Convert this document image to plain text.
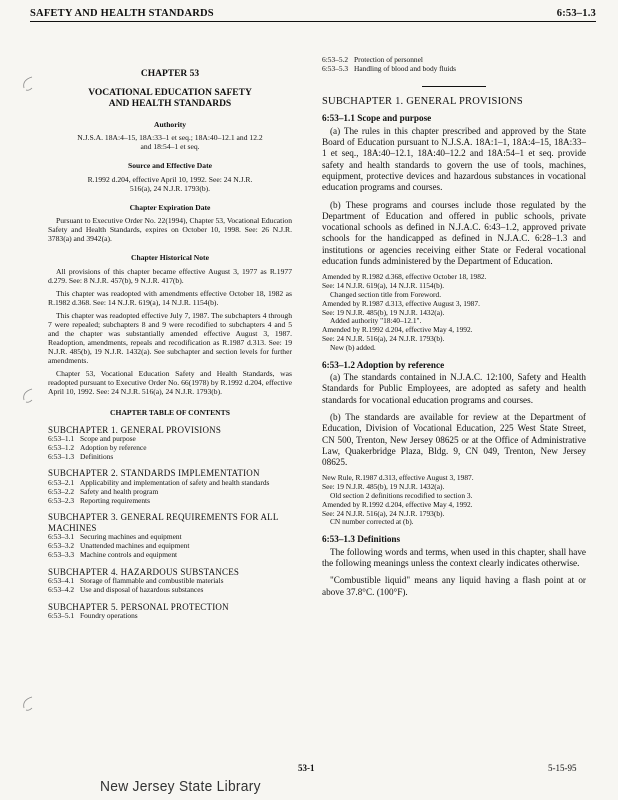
SAFETY AND HEALTH STANDARDS	6:53–1.3
CHAPTER 53
VOCATIONAL EDUCATION SAFETY
AND HEALTH STANDARDS
Authority
N.J.S.A. 18A:4–15, 18A:33–1 et seq.; 18A:40–12.1 and 12.2 and 18:54–1 et seq.
Source and Effective Date
R.1992 d.204, effective April 10, 1992. See: 24 N.J.R. 516(a), 24 N.J.R. 1793(b).
Chapter Expiration Date
Pursuant to Executive Order No. 22(1994), Chapter 53, Vocational Education Safety and Health Standards, expires on October 10, 1998. See: 26 N.J.R. 3783(a) and 3942(a).
Chapter Historical Note
All provisions of this chapter became effective August 3, 1977 as R.1977 d.279. See: 8 N.J.R. 457(b), 9 N.J.R. 417(b).
This chapter was readopted with amendments effective October 18, 1982 as R.1982 d.368. See: 14 N.J.R. 619(a), 14 N.J.R. 1154(b).
This chapter was readopted effective July 7, 1987. The subchapters 4 through 7 were repealed; subchapters 8 and 9 were recodified to subchapters 4 and 5 and the chapter was substantially amended effective August 3, 1987. Readoption, amendments, repeals and recodification as R.1987 d.313. See: 19 N.J.R. 485(b), 19 N.J.R. 1432(a). See subchapter and section levels for further amendments.
Chapter 53, Vocational Education Safety and Health Standards, was readopted pursuant to Executive Order No. 66(1978) by R.1992 d.204, effective April 10, 1992. See: 24 N.J.R. 516(a), 24 N.J.R. 1793(b).
CHAPTER TABLE OF CONTENTS
SUBCHAPTER 1. GENERAL PROVISIONS
6:53–1.1 Scope and purpose
6:53–1.2 Adoption by reference
6:53–1.3 Definitions
SUBCHAPTER 2. STANDARDS IMPLEMENTATION
6:53–2.1 Applicability and implementation of safety and health standards
6:53–2.2 Safety and health program
6:53–2.3 Reporting requirements
SUBCHAPTER 3. GENERAL REQUIREMENTS FOR ALL MACHINES
6:53–3.1 Securing machines and equipment
6:53–3.2 Unattended machines and equipment
6:53–3.3 Machine controls and equipment
SUBCHAPTER 4. HAZARDOUS SUBSTANCES
6:53–4.1 Storage of flammable and combustible materials
6:53–4.2 Use and disposal of hazardous substances
SUBCHAPTER 5. PERSONAL PROTECTION
6:53–5.1 Foundry operations
6:53–5.2 Protection of personnel
6:53–5.3 Handling of blood and body fluids
SUBCHAPTER 1. GENERAL PROVISIONS
6:53–1.1 Scope and purpose
(a) The rules in this chapter prescribed and approved by the State Board of Education pursuant to N.J.S.A. 18A:1–1, 18A:4–15, 18A:33–1 et seq., 18A:40–12.1, 18A:40–12.2 and 18A:54–1 et seq. provide safety and health standards to govern the use of tools, machines, equipment, protective devices and hazardous substances in vocational education programs and courses.
(b) These programs and courses include those regulated by the Department of Education and offered in public schools, private vocational schools as defined in N.J.A.C. 6:43–1.2, approved private schools for the handicapped as defined in N.J.A.C. 6:28–1.3 and institutions or agencies receiving either State or Federal vocational education funds administered by the Department of Education.
Amended by R.1982 d.368, effective October 18, 1982.
See: 14 N.J.R. 619(a), 14 N.J.R. 1154(b).
Changed section title from Foreword.
Amended by R.1987 d.313, effective August 3, 1987.
See: 19 N.J.R. 485(b), 19 N.J.R. 1432(a).
Added authority "18:40–12.1".
Amended by R.1992 d.204, effective May 4, 1992.
See: 24 N.J.R. 516(a), 24 N.J.R. 1793(b).
New (b) added.
6:53–1.2 Adoption by reference
(a) The standards contained in N.J.A.C. 12:100, Safety and Health Standards for Public Employees, are adopted as safety and health standards for vocational education programs and courses.
(b) The standards are available for review at the Department of Education, Division of Vocational Education, 225 West State Street, CN 500, Trenton, New Jersey 08625 or at the Office of Administrative Law, Quakerbridge Plaza, Bldg. 9, CN 049, Trenton, New Jersey 08625.
New Rule, R.1987 d.313, effective August 3, 1987.
See: 19 N.J.R. 485(b), 19 N.J.R. 1432(a).
Old section 2 definitions recodified to section 3.
Amended by R.1992 d.204, effective May 4, 1992.
See: 24 N.J.R. 516(a), 24 N.J.R. 1793(b).
CN number corrected at (b).
6:53–1.3 Definitions
The following words and terms, when used in this chapter, shall have the following meanings unless the context clearly indicates otherwise.
"Combustible liquid" means any liquid having a flash point at or above 37.8°C. (100°F).
53-1	5-15-95
New Jersey State Library
